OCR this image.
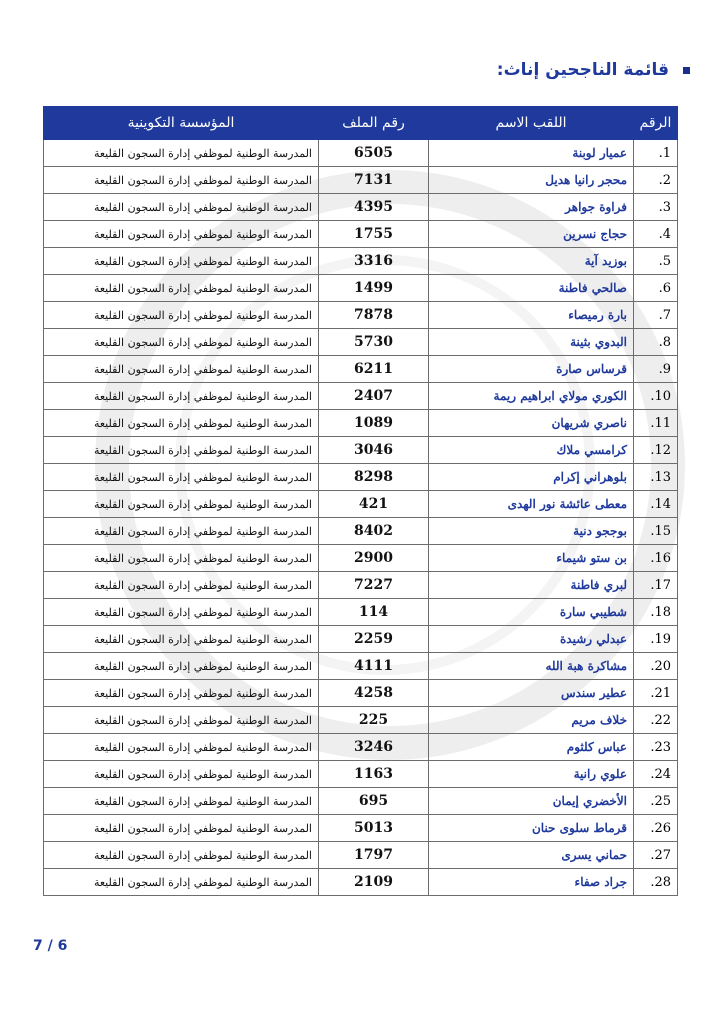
قائمة الناجحين إناث:
الرقم	اللقب الاسم	رقم الملف	المؤسسة التكوينية
1.	عميار لوبنة	6505	المدرسة الوطنية لموظفي إدارة السجون القليعة
2.	محجر رانيا هديل	7131	المدرسة الوطنية لموظفي إدارة السجون القليعة
3.	فراوة جواهر	4395	المدرسة الوطنية لموظفي إدارة السجون القليعة
4.	حجاج نسرين	1755	المدرسة الوطنية لموظفي إدارة السجون القليعة
5.	بوزيد آية	3316	المدرسة الوطنية لموظفي إدارة السجون القليعة
6.	صالحي فاطنة	1499	المدرسة الوطنية لموظفي إدارة السجون القليعة
7.	بارة رميصاء	7878	المدرسة الوطنية لموظفي إدارة السجون القليعة
8.	البدوي بثينة	5730	المدرسة الوطنية لموظفي إدارة السجون القليعة
9.	قرساس صارة	6211	المدرسة الوطنية لموظفي إدارة السجون القليعة
10.	الكوري مولاي ابراهيم ريمة	2407	المدرسة الوطنية لموظفي إدارة السجون القليعة
11.	ناصري شريهان	1089	المدرسة الوطنية لموظفي إدارة السجون القليعة
12.	كرامسي ملاك	3046	المدرسة الوطنية لموظفي إدارة السجون القليعة
13.	بلوهراني إكرام	8298	المدرسة الوطنية لموظفي إدارة السجون القليعة
14.	معطى عائشة نور الهدى	421	المدرسة الوطنية لموظفي إدارة السجون القليعة
15.	بوججو دنية	8402	المدرسة الوطنية لموظفي إدارة السجون القليعة
16.	بن ستو شيماء	2900	المدرسة الوطنية لموظفي إدارة السجون القليعة
17.	لبري فاطنة	7227	المدرسة الوطنية لموظفي إدارة السجون القليعة
18.	شطيبي سارة	114	المدرسة الوطنية لموظفي إدارة السجون القليعة
19.	عبدلي رشيدة	2259	المدرسة الوطنية لموظفي إدارة السجون القليعة
20.	مشاكرة هبة الله	4111	المدرسة الوطنية لموظفي إدارة السجون القليعة
21.	عطير سندس	4258	المدرسة الوطنية لموظفي إدارة السجون القليعة
22.	خلاف مريم	225	المدرسة الوطنية لموظفي إدارة السجون القليعة
23.	عباس كلثوم	3246	المدرسة الوطنية لموظفي إدارة السجون القليعة
24.	علوي رانية	1163	المدرسة الوطنية لموظفي إدارة السجون القليعة
25.	الأخضري إيمان	695	المدرسة الوطنية لموظفي إدارة السجون القليعة
26.	قرماط سلوى حنان	5013	المدرسة الوطنية لموظفي إدارة السجون القليعة
27.	حماني يسرى	1797	المدرسة الوطنية لموظفي إدارة السجون القليعة
28.	جراد صفاء	2109	المدرسة الوطنية لموظفي إدارة السجون القليعة
7 / 6
